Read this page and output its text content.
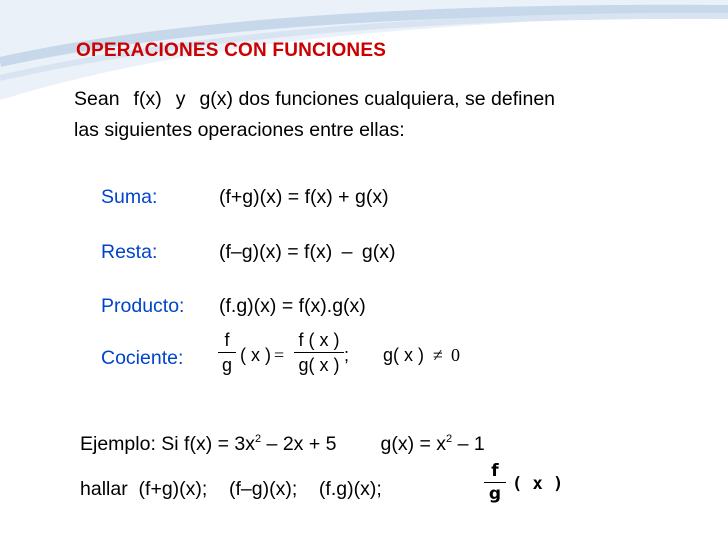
OPERACIONES CON FUNCIONES
Sean f(x) y g(x) dos funciones cualquiera, se definen
las siguientes operaciones entre ellas:
Suma:	(f+g)(x) = f(x) + g(x)
Resta:	(f–g)(x) = f(x) – g(x)
Producto: (f.g)(x) = f(x).g(x)
Cociente:
f
g ( x ) =
f ( x )
g( x ) ; g( x ) ≠ 0
Ejemplo: Si $f(x) = 3x^2 - 2x + 5$ $g(x) = x^2 - 1$
hallar  (f+g)(x);    (f–g)(x);    (f.g)(x);
f
g ( x )
